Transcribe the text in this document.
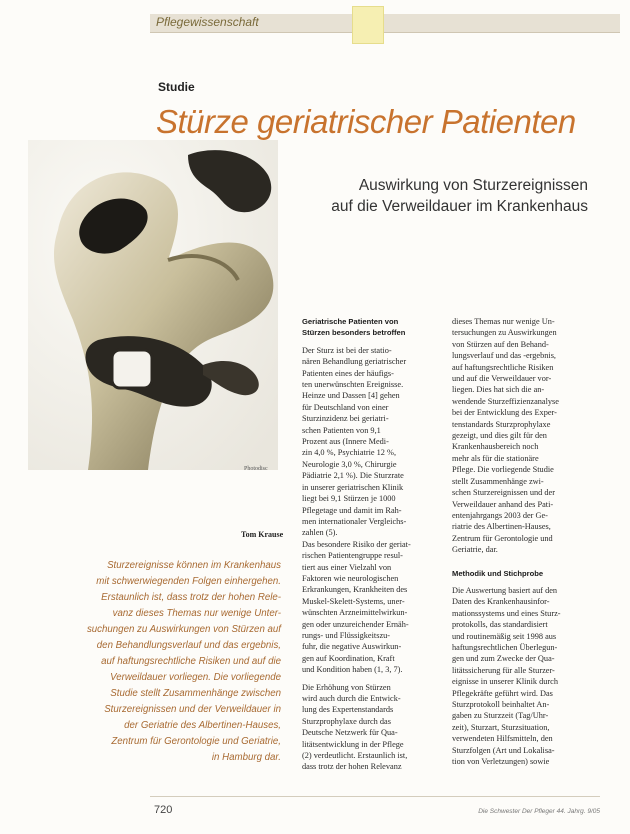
Pflegewissenschaft
Photodisc
Studie
Stürze geriatrischer Patienten
Auswirkung von Sturzereignissen
auf die Verweildauer im Krankenhaus
Tom Krause
Sturzereignisse können im Krankenhaus
mit schwerwiegenden Folgen einhergehen.
Erstaunlich ist, dass trotz der hohen Rele-
vanz dieses Themas nur wenige Unter-
suchungen zu Auswirkungen von Stürzen auf
den Behandlungsverlauf und das ergebnis,
auf haftungsrechtliche Risiken und auf die
Verweildauer vorliegen. Die vorliegende
Studie stellt Zusammenhänge zwischen
Sturzereignissen und der Verweildauer in
der Geriatrie des Albertinen-Hauses,
Zentrum für Gerontologie und Geriatrie,
in Hamburg dar.
Geriatrische Patienten von
Stürzen besonders betroffen
Der Sturz ist bei der statio-
nären Behandlung geriatrischer
Patienten eines der häufigs-
ten unerwünschten Ereignisse.
Heinze und Dassen [4] gehen
für Deutschland von einer
Sturzinzidenz bei geriatri-
schen Patienten von 9,1
Prozent aus (Innere Medi-
zin 4,0 %, Psychiatrie 12 %,
Neurologie 3,0 %, Chirurgie
Pädiatrie 2,1 %). Die Sturzrate
in unserer geriatrischen Klinik
liegt bei 9,1 Stürzen je 1000
Pflegetage und damit im Rah-
men internationaler Vergleichs-
zahlen (5).
Das besondere Risiko der geriat-
rischen Patientengruppe resul-
tiert aus einer Vielzahl von
Faktoren wie neurologischen
Erkrankungen, Krankheiten des
Muskel-Skelett-Systems, uner-
wünschten Arzneimittelwirkun-
gen oder unzureichender Ernäh-
rungs- und Flüssigkeitszu-
fuhr, die negative Auswirkun-
gen auf Koordination, Kraft
und Kondition haben (1, 3, 7).
Die Erhöhung von Stürzen
wird auch durch die Entwick-
lung des Expertenstandards
Sturzprophylaxe durch das
Deutsche Netzwerk für Qua-
litätsentwicklung in der Pflege
(2) verdeutlicht. Erstaunlich ist,
dass trotz der hohen Relevanz
dieses Themas nur wenige Un-
tersuchungen zu Auswirkungen
von Stürzen auf den Behand-
lungsverlauf und das -ergebnis,
auf haftungsrechtliche Risiken
und auf die Verweildauer vor-
liegen. Dies hat sich die an-
wendende Sturzeffizienzanalyse
bei der Entwicklung des Exper-
tenstandards Sturzprophylaxe
gezeigt, und dies gilt für den
Krankenhausbereich noch
mehr als für die stationäre
Pflege. Die vorliegende Studie
stellt Zusammenhänge zwi-
schen Sturzereignissen und der
Verweildauer anhand des Pati-
entenjahrgangs 2003 der Ge-
riatrie des Albertinen-Hauses,
Zentrum für Gerontologie und
Geriatrie, dar.
Methodik und Stichprobe
Die Auswertung basiert auf den
Daten des Krankenhausinfor-
mationssystems und eines Sturz-
protokolls, das standardisiert
und routinemäßig seit 1998 aus
haftungsrechtlichen Überlegun-
gen und zum Zwecke der Qua-
litätssicherung für alle Sturzer-
eignisse in unserer Klinik durch
Pflegekräfte geführt wird. Das
Sturzprotokoll beinhaltet An-
gaben zu Sturzzeit (Tag/Uhr-
zeit), Sturzart, Sturzsituation,
verwendeten Hilfsmitteln, den
Sturzfolgen (Art und Lokalisa-
tion von Verletzungen) sowie
720	Die Schwester Der Pfleger 44. Jahrg. 9/05
